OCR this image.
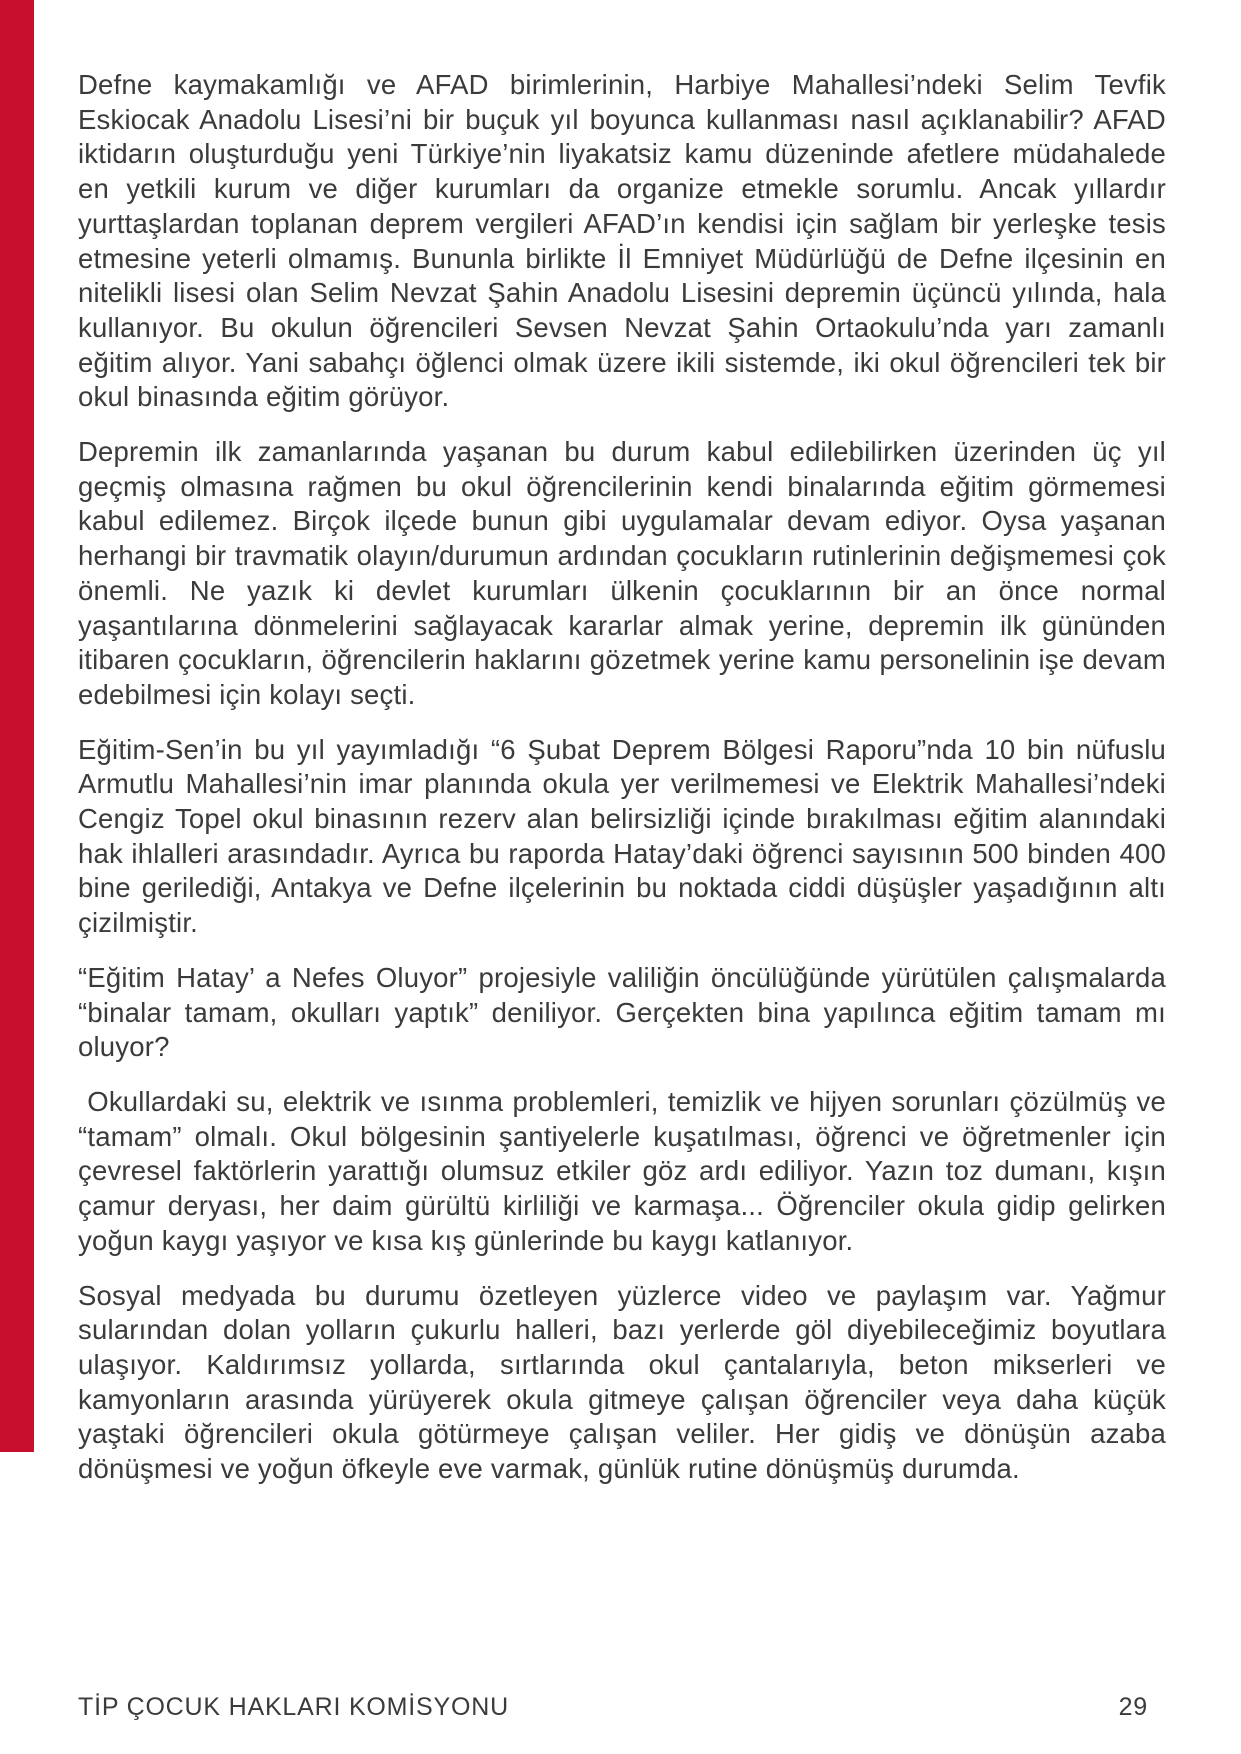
Defne kaymakamlığı ve AFAD birimlerinin, Harbiye Mahallesi’ndeki Selim Tevfik Eskiocak Anadolu Lisesi’ni bir buçuk yıl boyunca kullanması nasıl açıklanabilir? AFAD iktidarın oluşturduğu yeni Türkiye’nin liyakatsiz kamu düzeninde afetlere müdahalede en yetkili kurum ve diğer kurumları da organize etmekle sorumlu. Ancak yıllardır yurttaşlardan toplanan deprem vergileri AFAD’ın kendisi için sağlam bir yerleşke tesis etmesine yeterli olmamış. Bununla birlikte İl Emniyet Müdürlüğü de Defne ilçesinin en nitelikli lisesi olan Selim Nevzat Şahin Anadolu Lisesini depremin üçüncü yılında, hala kullanıyor. Bu okulun öğrencileri Sevsen Nevzat Şahin Ortaokulu’nda yarı zamanlı eğitim alıyor. Yani sabahçı öğlenci olmak üzere ikili sistemde, iki okul öğrencileri tek bir okul binasında eğitim görüyor.

Depremin ilk zamanlarında yaşanan bu durum kabul edilebilirken üzerinden üç yıl geçmiş olmasına rağmen bu okul öğrencilerinin kendi binalarında eğitim görmemesi kabul edilemez. Birçok ilçede bunun gibi uygulamalar devam ediyor. Oysa yaşanan herhangi bir travmatik olayın/durumun ardından çocukların rutinlerinin değişmemesi çok önemli. Ne yazık ki devlet kurumları ülkenin çocuklarının bir an önce normal yaşantılarına dönmelerini sağlayacak kararlar almak yerine, depremin ilk gününden itibaren çocukların, öğrencilerin haklarını gözetmek yerine kamu personelinin işe devam edebilmesi için kolayı seçti.

Eğitim-Sen’in bu yıl yayımladığı “6 Şubat Deprem Bölgesi Raporu”nda 10 bin nüfuslu Armutlu Mahallesi’nin imar planında okula yer verilmemesi ve Elektrik Mahallesi’ndeki Cengiz Topel okul binasının rezerv alan belirsizliği içinde bırakılması eğitim alanındaki hak ihlalleri arasındadır. Ayrıca bu raporda Hatay’daki öğrenci sayısının 500 binden 400 bine gerilediği, Antakya ve Defne ilçelerinin bu noktada ciddi düşüşler yaşadığının altı çizilmiştir.

“Eğitim Hatay’ a Nefes Oluyor” projesiyle valiliğin öncülüğünde yürütülen çalışmalarda “binalar tamam, okulları yaptık” deniliyor. Gerçekten bina yapılınca eğitim tamam mı oluyor?

Okullardaki su, elektrik ve ısınma problemleri, temizlik ve hijyen sorunları çözülmüş ve “tamam” olmalı. Okul bölgesinin şantiyelerle kuşatılması, öğrenci ve öğretmenler için çevresel faktörlerin yarattığı olumsuz etkiler göz ardı ediliyor. Yazın toz dumanı, kışın çamur deryası, her daim gürültü kirliliği ve karmaşa... Öğrenciler okula gidip gelirken yoğun kaygı yaşıyor ve kısa kış günlerinde bu kaygı katlanıyor.

Sosyal medyada bu durumu özetleyen yüzlerce video ve paylaşım var. Yağmur sularından dolan yolların çukurlu halleri, bazı yerlerde göl diyebileceğimiz boyutlara ulaşıyor. Kaldırımsız yollarda, sırtlarında okul çantalarıyla, beton mikserleri ve kamyonların arasında yürüyerek okula gitmeye çalışan öğrenciler veya daha küçük yaştaki öğrencileri okula götürmeye çalışan veliler. Her gidiş ve dönüşün azaba dönüşmesi ve yoğun öfkeyle eve varmak, günlük rutine dönüşmüş durumda.

TİP ÇOCUK HAKLARI KOMİSYONU	29
